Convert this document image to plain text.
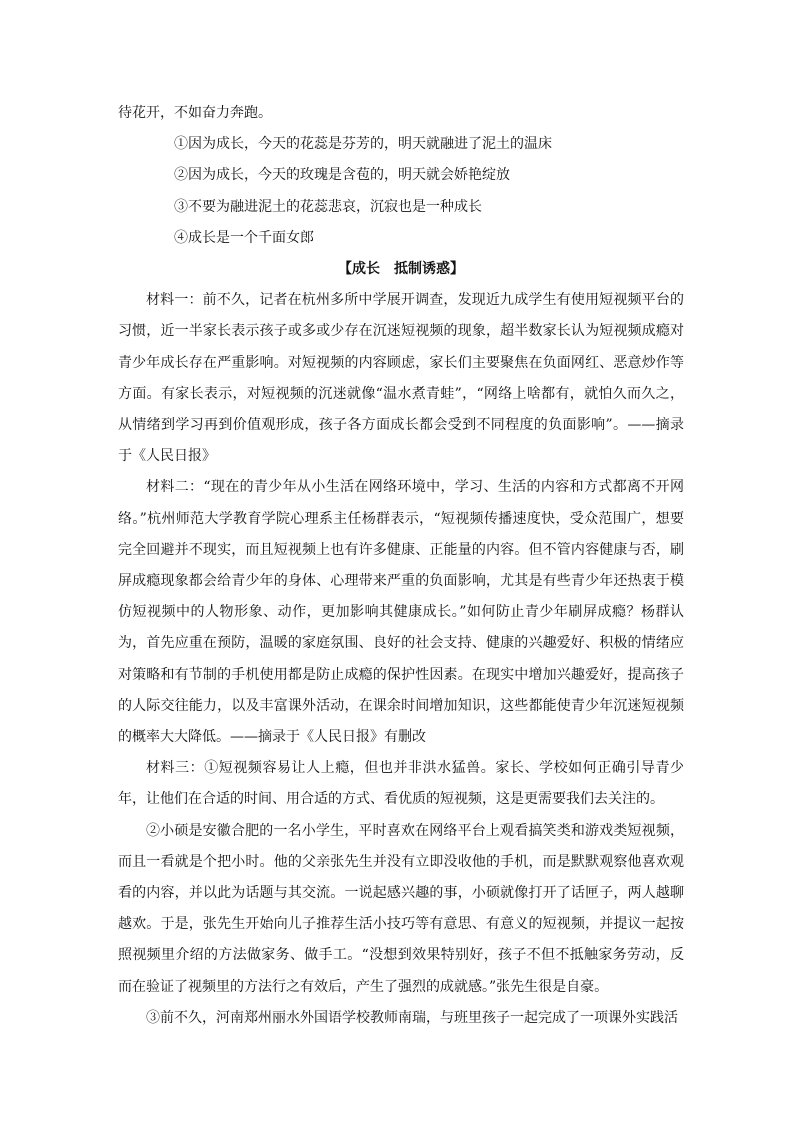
待花开，不如奋力奔跑。
①因为成长，今天的花蕊是芬芳的，明天就融进了泥土的温床
②因为成长，今天的玫瑰是含苞的，明天就会娇艳绽放
③不要为融进泥土的花蕊悲哀，沉寂也是一种成长
④成长是一个千面女郎
【成长　抵制诱惑】

材料一：前不久，记者在杭州多所中学展开调查，发现近九成学生有使用短视频平台的习惯，近一半家长表示孩子或多或少存在沉迷短视频的现象，超半数家长认为短视频成瘾对青少年成长存在严重影响。对短视频的内容顾虑，家长们主要聚焦在负面网红、恶意炒作等方面。有家长表示，对短视频的沉迷就像“温水煮青蛙”，“网络上啥都有，就怕久而久之，从情绪到学习再到价值观形成，孩子各方面成长都会受到不同程度的负面影响”。——摘录于《人民日报》

材料二：“现在的青少年从小生活在网络环境中，学习、生活的内容和方式都离不开网络。”杭州师范大学教育学院心理系主任杨群表示，“短视频传播速度快，受众范围广，想要完全回避并不现实，而且短视频上也有许多健康、正能量的内容。但不管内容健康与否，刷屏成瘾现象都会给青少年的身体、心理带来严重的负面影响，尤其是有些青少年还热衷于模仿短视频中的人物形象、动作，更加影响其健康成长。”如何防止青少年刷屏成瘾？杨群认为，首先应重在预防，温暖的家庭氛围、良好的社会支持、健康的兴趣爱好、积极的情绪应对策略和有节制的手机使用都是防止成瘾的保护性因素。在现实中增加兴趣爱好，提高孩子的人际交往能力，以及丰富课外活动，在课余时间增加知识，这些都能使青少年沉迷短视频的概率大大降低。——摘录于《人民日报》有删改

材料三：①短视频容易让人上瘾，但也并非洪水猛兽。家长、学校如何正确引导青少年，让他们在合适的时间、用合适的方式、看优质的短视频，这是更需要我们去关注的。

②小硕是安徽合肥的一名小学生，平时喜欢在网络平台上观看搞笑类和游戏类短视频，而且一看就是个把小时。他的父亲张先生并没有立即没收他的手机，而是默默观察他喜欢观看的内容，并以此为话题与其交流。一说起感兴趣的事，小硕就像打开了话匣子，两人越聊越欢。于是，张先生开始向儿子推荐生活小技巧等有意思、有意义的短视频，并提议一起按照视频里介绍的方法做家务、做手工。“没想到效果特别好，孩子不但不抵触家务劳动，反而在验证了视频里的方法行之有效后，产生了强烈的成就感。”张先生很是自豪。

③前不久，河南郑州丽水外国语学校教师南瑞，与班里孩子一起完成了一项课外实践活
